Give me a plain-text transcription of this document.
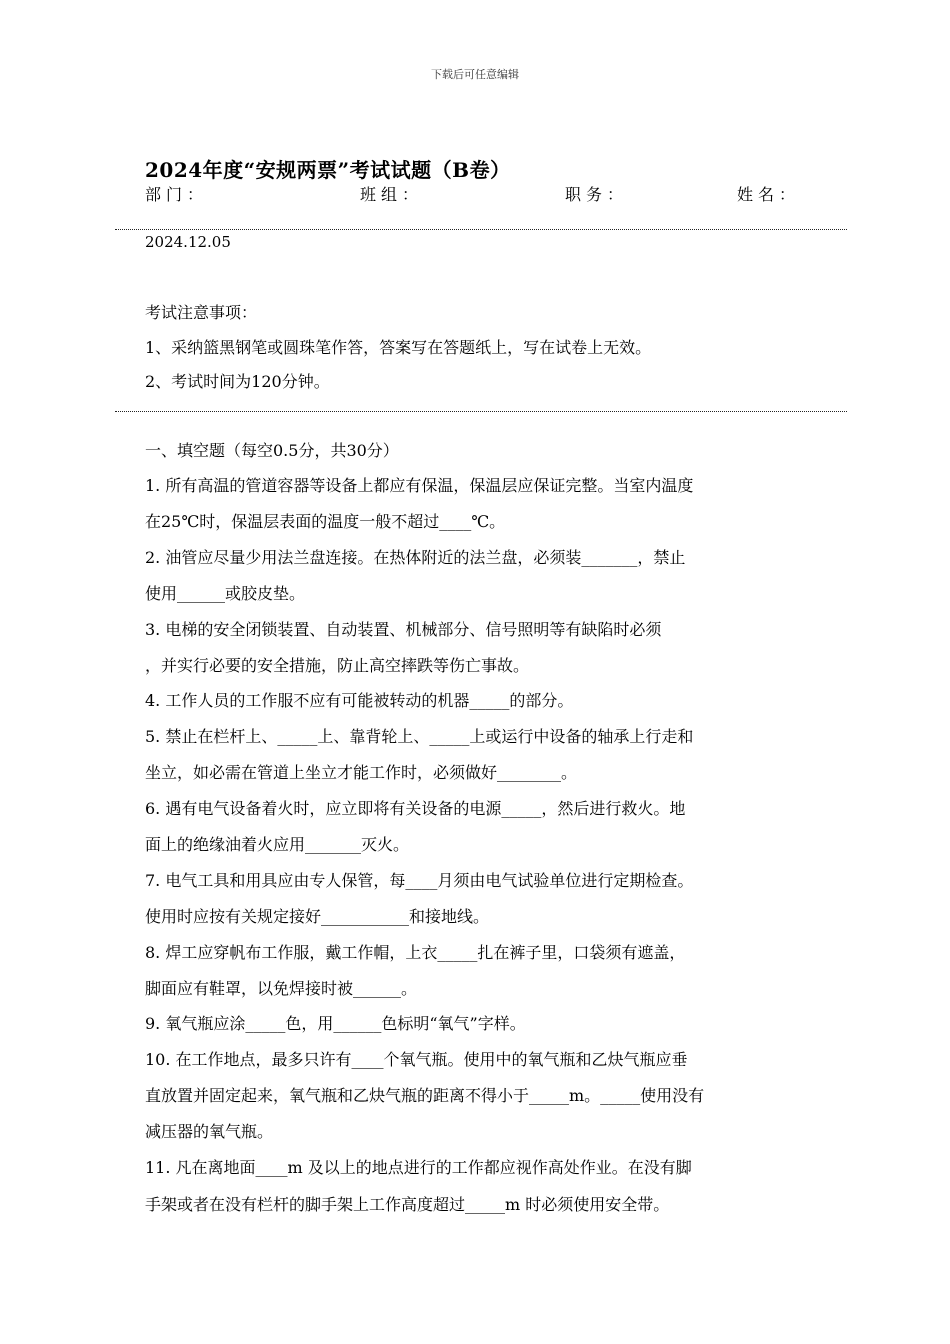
下载后可任意编辑
2024年度“安规两票”考试试题（B卷）
部门：	班组：	职务：	姓名：
2024.12.05
考试注意事项：
1、采纳篮黑钢笔或圆珠笔作答，答案写在答题纸上，写在试卷上无效。
2、考试时间为120分钟。
一、填空题（每空0.5分，共30分）
1. 所有高温的管道容器等设备上都应有保温，保温层应保证完整。当室内温度
在25℃时，保温层表面的温度一般不超过____℃。
2. 油管应尽量少用法兰盘连接。在热体附近的法兰盘，必须装_______，禁止
使用______或胶皮垫。
3. 电梯的安全闭锁装置、自动装置、机械部分、信号照明等有缺陷时必须
，并实行必要的安全措施，防止高空摔跌等伤亡事故。
4. 工作人员的工作服不应有可能被转动的机器_____的部分。
5. 禁止在栏杆上、_____上、靠背轮上、_____上或运行中设备的轴承上行走和
坐立，如必需在管道上坐立才能工作时，必须做好________。
6. 遇有电气设备着火时，应立即将有关设备的电源_____，然后进行救火。地
面上的绝缘油着火应用_______灭火。
7. 电气工具和用具应由专人保管，每____月须由电气试验单位进行定期检查。
使用时应按有关规定接好___________和接地线。
8. 焊工应穿帆布工作服，戴工作帽，上衣_____扎在裤子里，口袋须有遮盖，
脚面应有鞋罩，以免焊接时被______。
9. 氧气瓶应涂_____色，用______色标明“氧气”字样。
10. 在工作地点，最多只许有____个氧气瓶。使用中的氧气瓶和乙炔气瓶应垂
直放置并固定起来，氧气瓶和乙炔气瓶的距离不得小于_____m。_____使用没有
减压器的氧气瓶。
11. 凡在离地面____m 及以上的地点进行的工作都应视作高处作业。在没有脚
手架或者在没有栏杆的脚手架上工作高度超过_____m 时必须使用安全带。
